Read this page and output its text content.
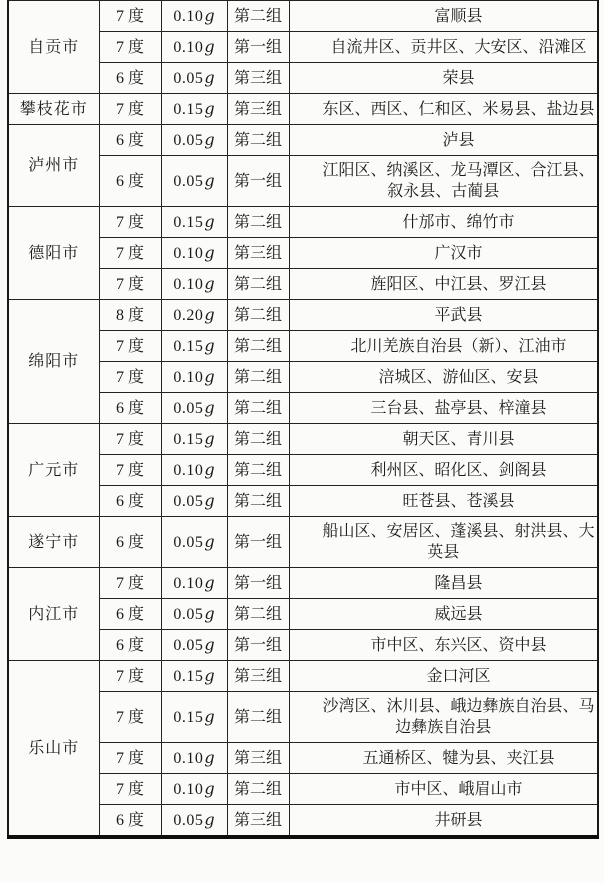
自贡市	7 度	0.10g	第二组	富顺县
	7 度	0.10g	第一组	自流井区、贡井区、大安区、沿滩区
	6 度	0.05g	第三组	荣县
攀枝花市	7 度	0.15g	第三组	东区、西区、仁和区、米易县、盐边县
泸州市	6 度	0.05g	第二组	泸县
	6 度	0.05g	第一组	江阳区、纳溪区、龙马潭区、合江县、叙永县、古蔺县
德阳市	7 度	0.15g	第二组	什邡市、绵竹市
	7 度	0.10g	第三组	广汉市
	7 度	0.10g	第二组	旌阳区、中江县、罗江县
绵阳市	8 度	0.20g	第二组	平武县
	7 度	0.15g	第二组	北川羌族自治县（新）、江油市
	7 度	0.10g	第二组	涪城区、游仙区、安县
	6 度	0.05g	第二组	三台县、盐亭县、梓潼县
广元市	7 度	0.15g	第二组	朝天区、青川县
	7 度	0.10g	第二组	利州区、昭化区、剑阁县
	6 度	0.05g	第二组	旺苍县、苍溪县
遂宁市	6 度	0.05g	第一组	船山区、安居区、蓬溪县、射洪县、大英县
内江市	7 度	0.10g	第一组	隆昌县
	6 度	0.05g	第二组	威远县
	6 度	0.05g	第一组	市中区、东兴区、资中县
乐山市	7 度	0.15g	第三组	金口河区
	7 度	0.15g	第二组	沙湾区、沐川县、峨边彝族自治县、马边彝族自治县
	7 度	0.10g	第三组	五通桥区、犍为县、夹江县
	7 度	0.10g	第二组	市中区、峨眉山市
	6 度	0.05g	第三组	井研县
